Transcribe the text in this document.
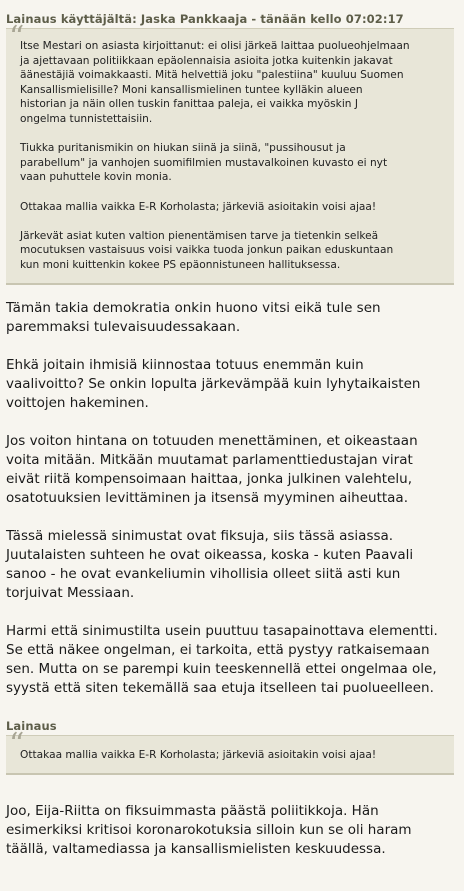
Lainaus käyttäjältä: Jaska Pankkaaja - tänään kello 07:02:17
“

Itse Mestari on asiasta kirjoittanut: ei olisi järkeä laittaa puolueohjelmaan
ja ajettavaan politiikkaan epäolennaisia asioita jotka kuitenkin jakavat
äänestäjiä voimakkaasti. Mitä helvettiä joku "palestiina" kuuluu Suomen
Kansallismielisille? Moni kansallismielinen tuntee kylläkin alueen
historian ja näin ollen tuskin fanittaa paleja, ei vaikka myöskin J
ongelma tunnistettaisiin.

Tiukka puritanismikin on hiukan siinä ja siinä, "pussihousut ja
parabellum" ja vanhojen suomifilmien mustavalkoinen kuvasto ei nyt
vaan puhuttele kovin monia.

Ottakaa mallia vaikka E-R Korholasta; järkeviä asioitakin voisi ajaa!

Järkevät asiat kuten valtion pienentämisen tarve ja tietenkin selkeä
mocutuksen vastaisuus voisi vaikka tuoda jonkun paikan eduskuntaan
kun moni kuittenkin kokee PS epäonnistuneen hallituksessa.

Tämän takia demokratia onkin huono vitsi eikä tule sen
paremmaksi tulevaisuudessakaan.

Ehkä joitain ihmisiä kiinnostaa totuus enemmän kuin
vaalivoitto? Se onkin lopulta järkevämpää kuin lyhytaikaisten
voittojen hakeminen.

Jos voiton hintana on totuuden menettäminen, et oikeastaan
voita mitään. Mitkään muutamat parlamenttiedustajan virat
eivät riitä kompensoimaan haittaa, jonka julkinen valehtelu,
osatotuuksien levittäminen ja itsensä myyminen aiheuttaa.

Tässä mielessä sinimustat ovat fiksuja, siis tässä asiassa.
Juutalaisten suhteen he ovat oikeassa, koska - kuten Paavali
sanoo - he ovat evankeliumin vihollisia olleet siitä asti kun
torjuivat Messiaan.

Harmi että sinimustilta usein puuttuu tasapainottava elementti.
Se että näkee ongelman, ei tarkoita, että pystyy ratkaisemaan
sen. Mutta on se parempi kuin teeskennellä ettei ongelmaa ole,
syystä että siten tekemällä saa etuja itselleen tai puolueelleen.

Lainaus
“

Ottakaa mallia vaikka E-R Korholasta; järkeviä asioitakin voisi ajaa!

Joo, Eija-Riitta on fiksuimmasta päästä poliitikkoja. Hän
esimerkiksi kritisoi koronarokotuksia silloin kun se oli haram
täällä, valtamediassa ja kansallismielisten keskuudessa.
